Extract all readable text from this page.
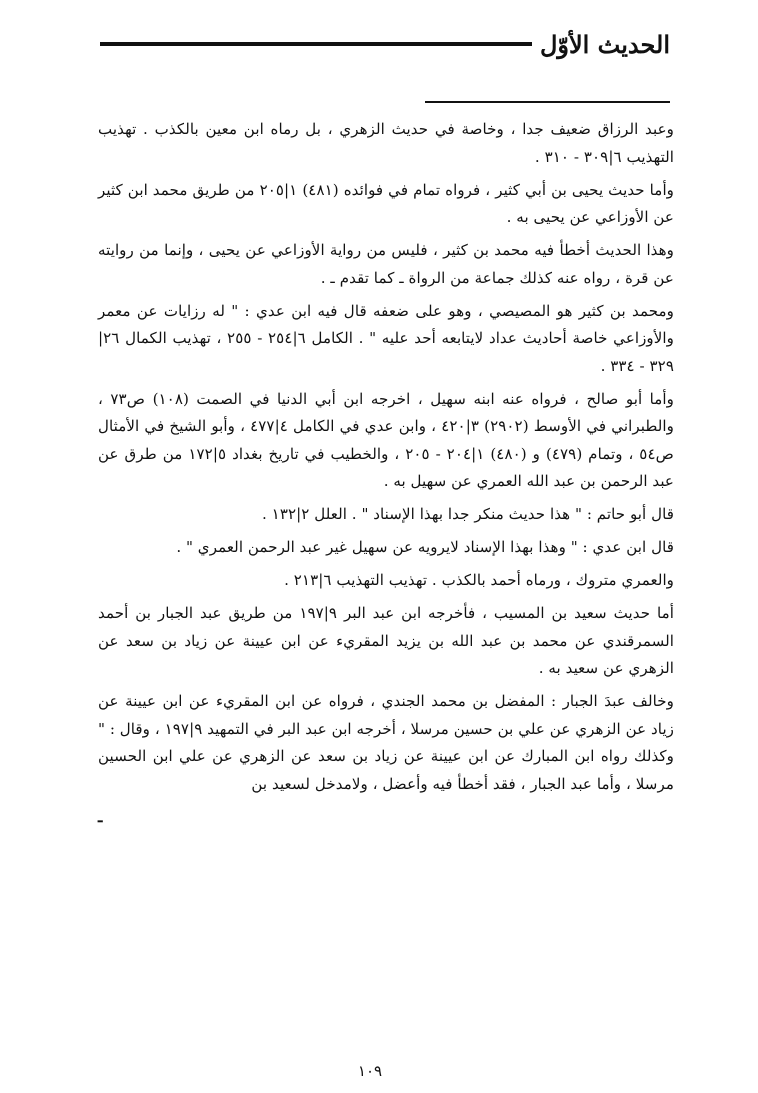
الحديث الأوّل

وعبد الرزاق ضعيف جدا ، وخاصة في حديث الزهري ، بل رماه ابن معين بالكذب . تهذيب التهذيب ٦|٣٠٩ - ٣١٠ .

وأما حديث يحيى بن أبي كثير ، فرواه تمام في فوائده (٤٨١) ١|٢٠٥ من طريق محمد ابن كثير عن الأوزاعي عن يحيى به .

وهذا الحديث أخطأ فيه محمد بن كثير ، فليس من رواية الأوزاعي عن يحيى ، وإنما من روايته عن قرة ، رواه عنه كذلك جماعة من الرواة ـ كما تقدم ـ .

ومحمد بن كثير هو المصيصي ، وهو على ضعفه قال فيه ابن عدي : " له رزايات عن معمر والأوزاعي خاصة أحاديث عداد لايتابعه أحد عليه " . الكامل ٦|٢٥٤ - ٢٥٥ ، تهذيب الكمال ٢٦|٣٢٩ - ٣٣٤ .

وأما أبو صالح ، فرواه عنه ابنه سهيل ، اخرجه ابن أبي الدنيا في الصمت (١٠٨) ص٧٣ ، والطبراني في الأوسط (٢٩٠٢) ٣|٤٢٠ ، وابن عدي في الكامل ٤|٤٧٧ ، وأبو الشيخ في الأمثال ص٥٤ ، وتمام (٤٧٩) و (٤٨٠) ١|٢٠٤ - ٢٠٥ ، والخطيب في تاريخ بغداد ٥|١٧٢ من طرق عن عبد الرحمن بن عبد الله العمري عن سهيل به .

قال أبو حاتم : " هذا حديث منكر جدا بهذا الإسناد " . العلل ٢|١٣٢ .

قال ابن عدي : " وهذا بهذا الإسناد لايرويه عن سهيل غير عبد الرحمن العمري " .

والعمري متروك ، ورماه أحمد بالكذب . تهذيب التهذيب ٦|٢١٣ .

أما حديث سعيد بن المسيب ، فأخرجه ابن عبد البر ٩|١٩٧ من طريق عبد الجبار بن أحمد السمرقندي عن محمد بن عبد الله بن يزيد المقريء عن ابن عيينة عن زياد بن سعد عن الزهري عن سعيد به .

وخالف عبدَ الجبار : المفضل بن محمد الجندي ، فرواه عن ابن المقريء عن ابن عيينة عن زياد عن الزهري عن علي بن حسين مرسلا ، أخرجه ابن عبد البر في التمهيد ٩|١٩٧ ، وقال : " وكذلك رواه ابن المبارك عن ابن عيينة عن زياد بن سعد عن الزهري عن علي ابن الحسين مرسلا ، وأما عبد الجبار ، فقد أخطأ فيه وأعضل ، ولامدخل لسعيد بن

ـ

١٠٩
